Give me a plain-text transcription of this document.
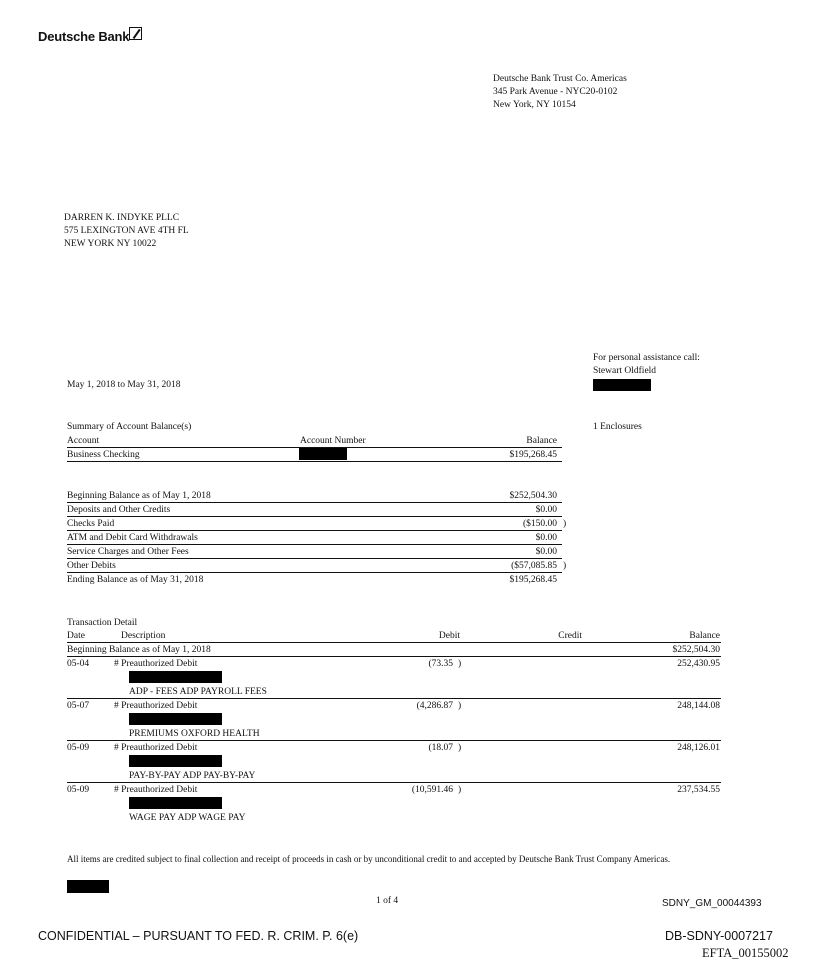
Deutsche Bank
Deutsche Bank Trust Co. Americas
345 Park Avenue - NYC20-0102
New York, NY 10154
DARREN K. INDYKE PLLC
575 LEXINGTON AVE 4TH FL
NEW YORK NY 10022
For personal assistance call:
Stewart Oldfield
May 1, 2018 to May 31, 2018
1 Enclosures
Summary of Account Balance(s)
Account	Account Number	Balance
Business Checking	$195,268.45
Beginning Balance as of May 1, 2018	$252,504.30
Deposits and Other Credits	$0.00
Checks Paid	($150.00 )
ATM and Debit Card Withdrawals	$0.00
Service Charges and Other Fees	$0.00
Other Debits	($57,085.85 )
Ending Balance as of May 31, 2018	$195,268.45
Transaction Detail
Date	Description	Debit	Credit	Balance
Beginning Balance as of May 1, 2018	$252,504.30
05-04	# Preauthorized Debit	(73.35 )	252,430.95
ADP - FEES ADP PAYROLL FEES
05-07	# Preauthorized Debit	(4,286.87 )	248,144.08
PREMIUMS OXFORD HEALTH
05-09	# Preauthorized Debit	(18.07 )	248,126.01
PAY-BY-PAY ADP PAY-BY-PAY
05-09	# Preauthorized Debit	(10,591.46 )	237,534.55
WAGE PAY ADP WAGE PAY
All items are credited subject to final collection and receipt of proceeds in cash or by unconditional credit to and accepted by Deutsche Bank Trust Company Americas.
1 of 4	SDNY_GM_00044393
CONFIDENTIAL – PURSUANT TO FED. R. CRIM. P. 6(e)	DB-SDNY-0007217
EFTA_00155002
